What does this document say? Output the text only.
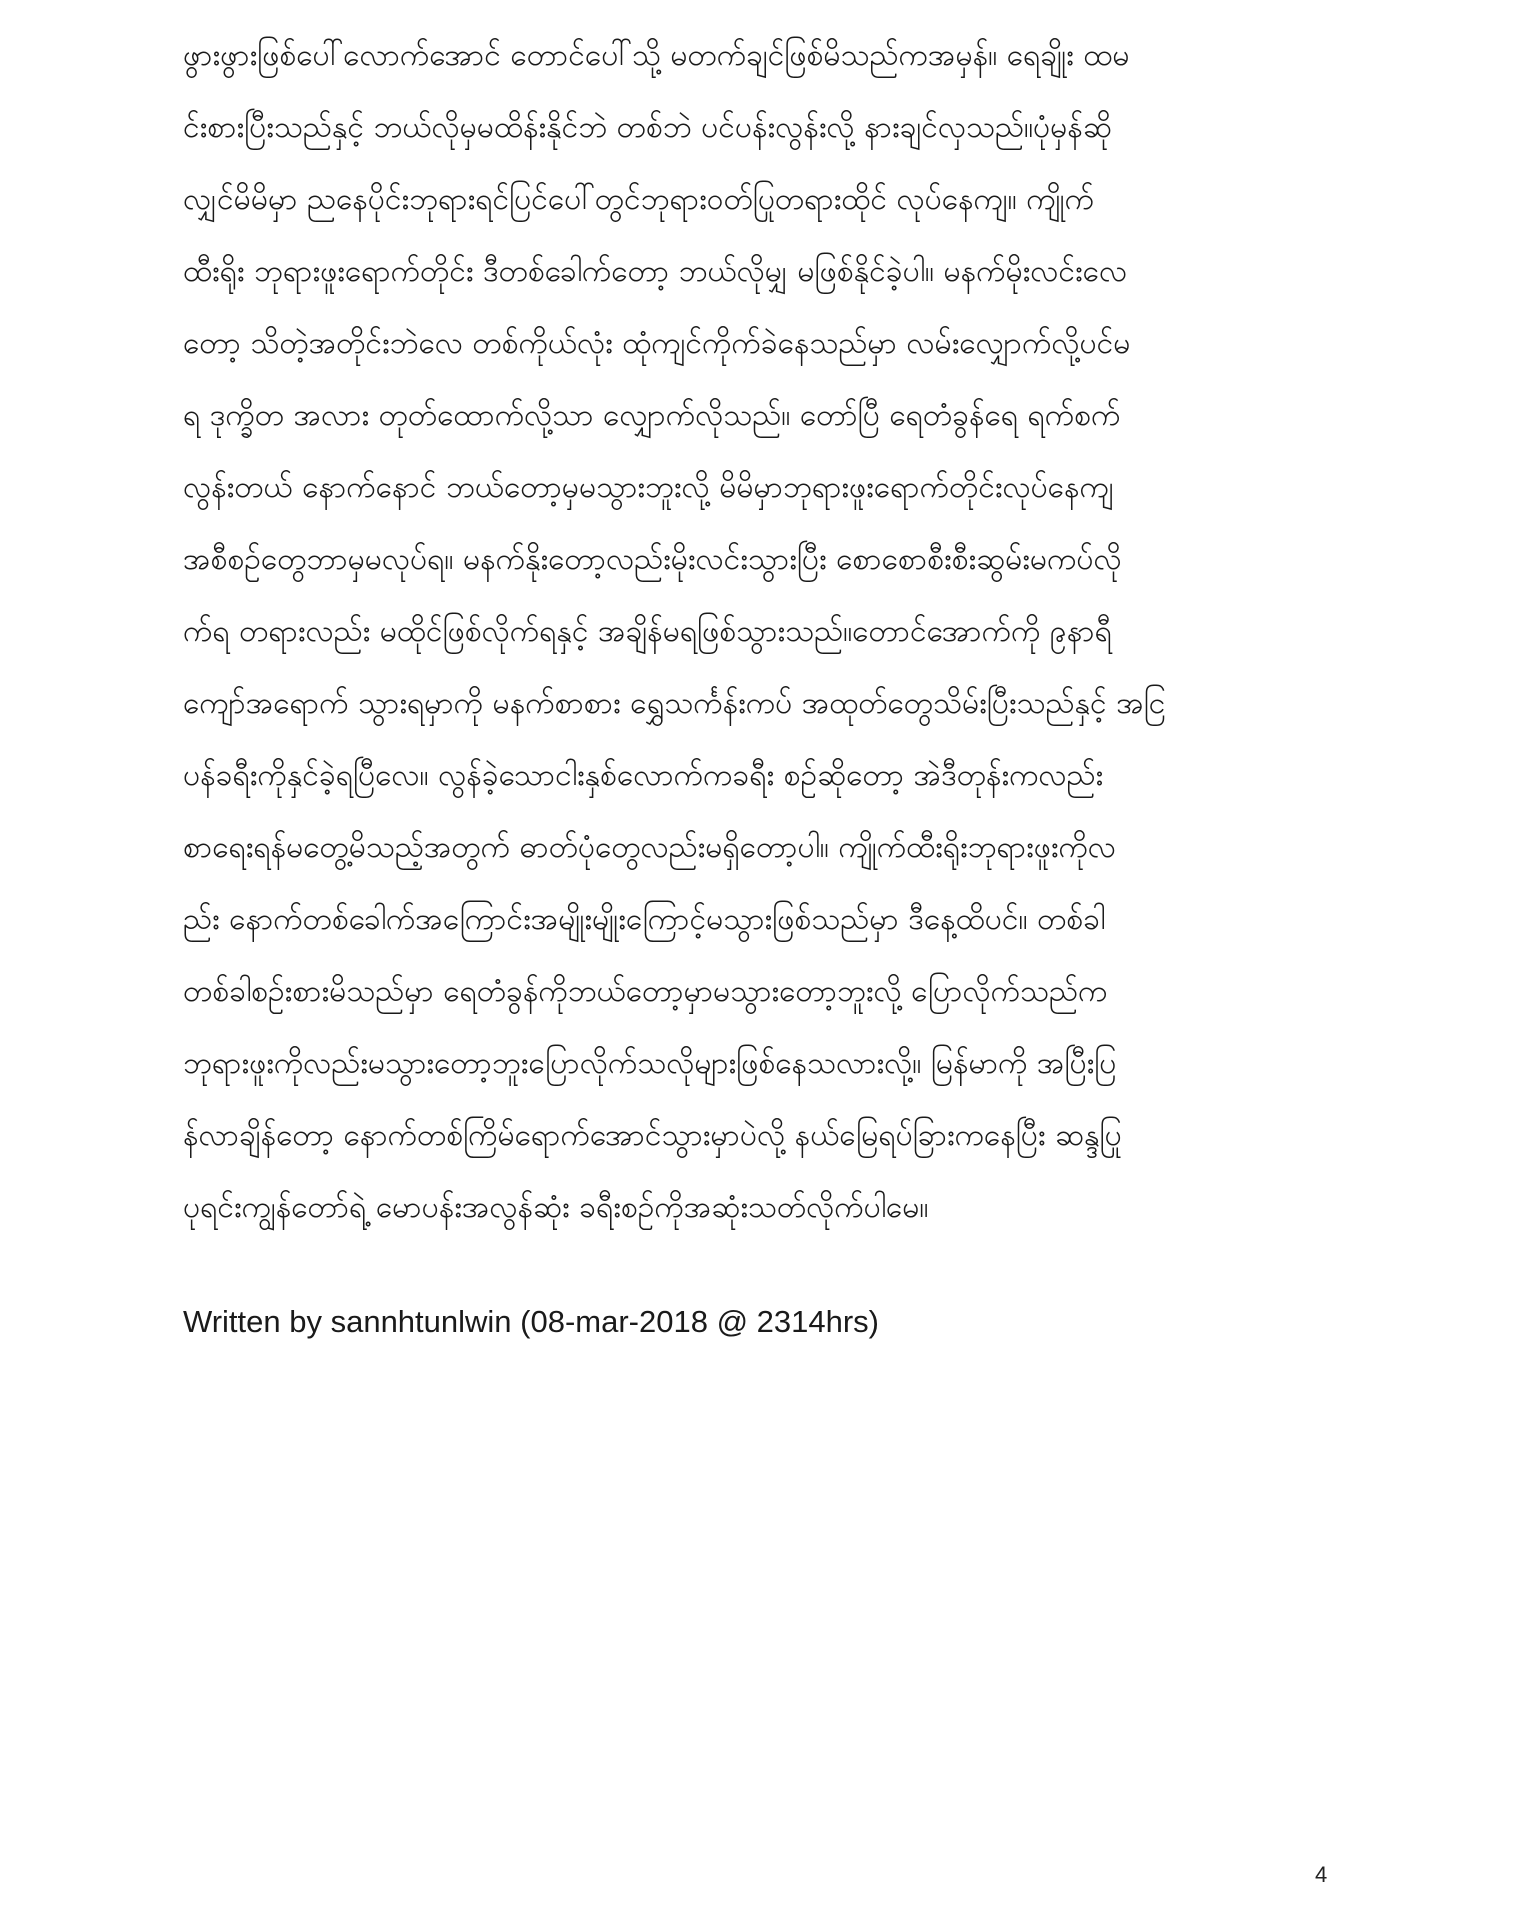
ဖွားဖွားဖြစ်ပေါ်လောက်အောင် တောင်ပေါ်သို့ မတက်ချင်ဖြစ်မိသည်ကအမှန်။ ရေချိုး ထမ
င်းစားပြီးသည်နှင့် ဘယ်လိုမှမထိန်းနိုင်ဘဲ တစ်ဘဲ ပင်ပန်းလွန်းလို့ နားချင်လှသည်။ပုံမှန်ဆို
လျှင်မိမိမှာ ညနေပိုင်းဘုရားရင်ပြင်ပေါ်တွင်ဘုရားဝတ်ပြုတရားထိုင် လုပ်နေကျ။ ကျိုက်
ထီးရိုး ဘုရားဖူးရောက်တိုင်း ဒီတစ်ခေါက်တော့ ဘယ်လိုမျှ မဖြစ်နိုင်ခဲ့ပါ။ မနက်မိုးလင်းလေ
တော့ သိတဲ့အတိုင်းဘဲလေ တစ်ကိုယ်လုံး ထုံကျင်ကိုက်ခဲနေသည်မှာ လမ်းလျှောက်လို့ပင်မ
ရ ဒုက္ခိတ အလား တုတ်ထောက်လို့သာ လျှောက်လိုသည်။ တော်ပြီ ရေတံခွန်ရေ ရက်စက်
လွန်းတယ် နောက်နောင် ဘယ်တော့မှမသွားဘူးလို့ မိမိမှာဘုရားဖူးရောက်တိုင်းလုပ်နေကျ
အစီစဉ်တွေဘာမှမလုပ်ရ။ မနက်နိုးတော့လည်းမိုးလင်းသွားပြီး စောစောစီးစီးဆွမ်းမကပ်လို
က်ရ တရားလည်း မထိုင်ဖြစ်လိုက်ရနှင့် အချိန်မရဖြစ်သွားသည်။တောင်အောက်ကို ၉နာရီ
ကျော်အရောက် သွားရမှာကို မနက်စာစား ရွှေသင်္ကန်းကပ် အထုတ်တွေသိမ်းပြီးသည်နှင့် အငြ
ပန်ခရီးကိုနှင်ခဲ့ရပြီလေ။ လွန်ခဲ့သောငါးနှစ်လောက်ကခရီး စဉ်ဆိုတော့ အဲဒီတုန်းကလည်း
စာရေးရန်မတွေ့မိသည့်အတွက် ဓာတ်ပုံတွေလည်းမရှိတော့ပါ။ ကျိုက်ထီးရိုးဘုရားဖူးကိုလ
ည်း နောက်တစ်ခေါက်အကြောင်းအမျိုးမျိုးကြောင့်မသွားဖြစ်သည်မှာ ဒီနေ့ထိပင်။ တစ်ခါ
တစ်ခါစဉ်းစားမိသည်မှာ ရေတံခွန်ကိုဘယ်တော့မှာမသွားတော့ဘူးလို့ ပြောလိုက်သည်က
ဘုရားဖူးကိုလည်းမသွားတော့ဘူးပြောလိုက်သလိုများဖြစ်နေသလားလို့။ မြန်မာကို အပြီးပြ
န်လာချိန်တော့ နောက်တစ်ကြိမ်ရောက်အောင်သွားမှာပဲလို့ နယ်မြေရပ်ခြားကနေပြီး ဆန္ဒပြု
ပုရင်းကျွန်တော်ရဲ့ မောပန်းအလွန်ဆုံး ခရီးစဉ်ကိုအဆုံးသတ်လိုက်ပါမေ။
Written by sannhtunlwin (08-mar-2018 @ 2314hrs)
4
